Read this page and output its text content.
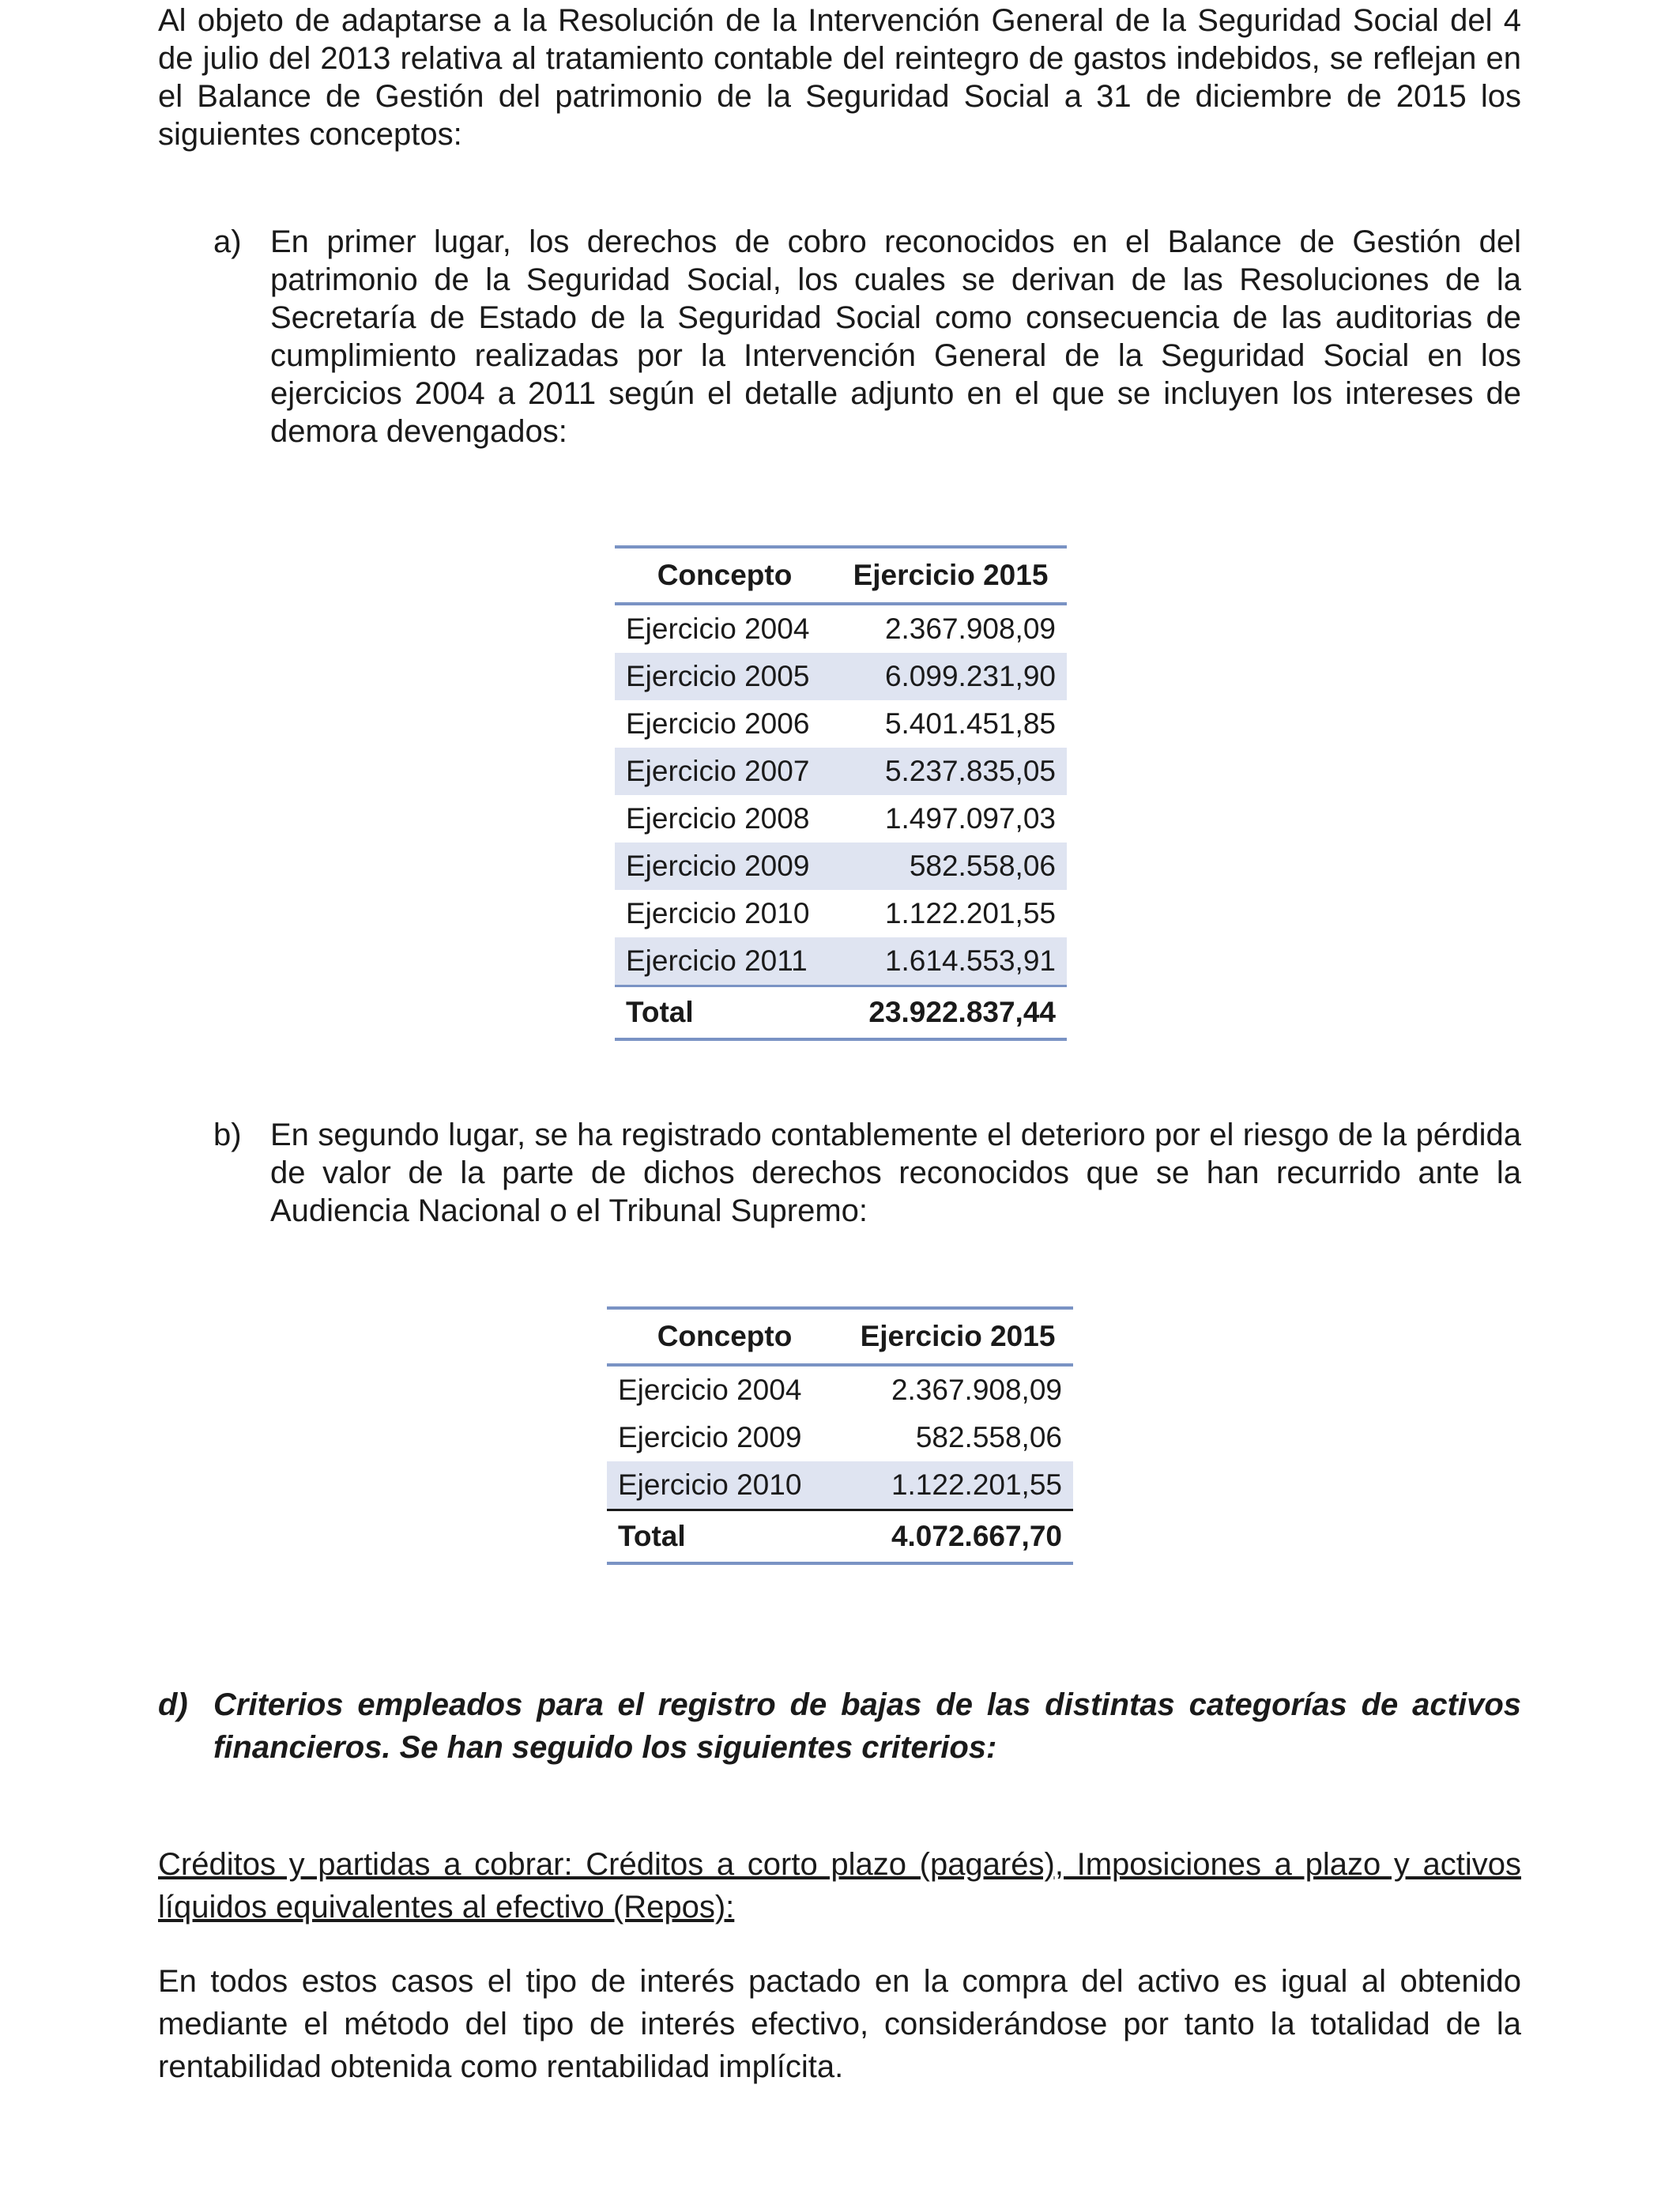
Al objeto de adaptarse a la Resolución de la Intervención General de la Seguridad Social del 4 de julio del 2013 relativa al tratamiento contable del reintegro de gastos indebidos, se reflejan en el Balance de Gestión del patrimonio de la Seguridad Social a 31 de diciembre de 2015 los siguientes conceptos:

a) En primer lugar, los derechos de cobro reconocidos en el Balance de Gestión del patrimonio de la Seguridad Social, los cuales se derivan de las Resoluciones de la Secretaría de Estado de la Seguridad Social como consecuencia de las auditorias de cumplimiento realizadas por la Intervención General de la Seguridad Social en los ejercicios 2004 a 2011 según el detalle adjunto en el que se incluyen los intereses de demora devengados:
Concepto	Ejercicio 2015
Ejercicio 2004	2.367.908,09
Ejercicio 2005	6.099.231,90
Ejercicio 2006	5.401.451,85
Ejercicio 2007	5.237.835,05
Ejercicio 2008	1.497.097,03
Ejercicio 2009	582.558,06
Ejercicio 2010	1.122.201,55
Ejercicio 2011	1.614.553,91
Total	23.922.837,44
b) En segundo lugar, se ha registrado contablemente el deterioro por el riesgo de la pérdida de valor de la parte de dichos derechos reconocidos que se han recurrido ante la Audiencia Nacional o el Tribunal Supremo:
Concepto	Ejercicio 2015
Ejercicio 2004	2.367.908,09
Ejercicio 2009	582.558,06
Ejercicio 2010	1.122.201,55
Total	4.072.667,70
d) Criterios empleados para el registro de bajas de las distintas categorías de activos financieros. Se han seguido los siguientes criterios:
Créditos y partidas a cobrar: Créditos a corto plazo (pagarés), Imposiciones a plazo y activos líquidos equivalentes al efectivo (Repos):
En todos estos casos el tipo de interés pactado en la compra del activo es igual al obtenido mediante el método del tipo de interés efectivo, considerándose por tanto la totalidad de la rentabilidad obtenida como rentabilidad implícita.
